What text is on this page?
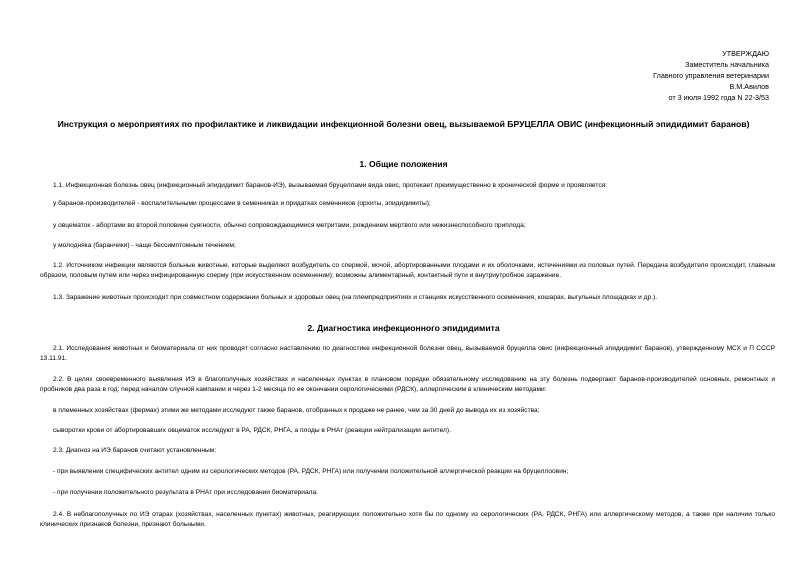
УТВЕРЖДАЮ
Заместитель начальника
Главного управления ветеринарии
В.М.Авилов
от 3 июля 1992 года N 22-3/53
Инструкция о мероприятиях по профилактике и ликвидации инфекционной болезни овец, вызываемой БРУЦЕЛЛА ОВИС (инфекционный эпидидимит баранов)
1. Общие положения
1.1. Инфекционная болезнь овец (инфекционный эпидидимит баранов-ИЭ), вызываемая бруцеллами вида овис, протекает преимущественно в хронической форме и проявляется:
у баранов-производителей - воспалительными процессами в семенниках и придатках семенников (орхиты, эпидидимиты);
у овцематок - абортами во второй половине суягности, обычно сопровождающимися метритами, рождением мертвого или нежизнеспособного приплода;
у молодняка (баранчики) - чаще бессимптомным течением;
1.2. Источником инфекции являются больные животные, которые выделяют возбудитель со спермой, мочой, абортированными плодами и их оболочками, истечениями из половых путей. Передача возбудителя происходит, главным образом, половым путем или через инфицированную сперму (при искусственном осеменении); возможны алиментарный, контактный пути и внутриутробное заражение.
1.3. Заражение животных происходит при совместном содержании больных и здоровых овец (на племпредприятиях и станциях искусственного осеменения, кошарах, выгульных площадках и др.).
2. Диагностика инфекционного эпидидимита
2.1. Исследования животных и биоматериала от них проводят согласно наставлению по диагностике инфекционной болезни овец, вызываемой бруцелла овис (инфекционный эпидидимит баранов), утвержденному МСХ и П СССР 13.11.91.
2.2. В целях своевременного выявления ИЭ в благополучных хозяйствах и населенных пунктах в плановом порядке обязательному исследованию на эту болезнь подвергают баранов-производителей основных, ремонтных и пробников два раза в год: перед началом случной кампании и через 1-2 месяца по ее окончании серологическими (РДСК), аллергическим в клиническим методами:
в племенных хозяйствах (фермах) этими же методами исследуют также баранов, отобранных к продаже не ранее, чем за 30 дней до вывода их из хозяйства;
сыворотки крови от абортировавших овцематок исследуют в РА, РДСК, РНГА, а плоды в РНАт (реакции нейтрализации антител).
2.3. Диагноз на ИЭ баранов считают установленным:
- при выявлении специфических антител одним из серологических методов (РА, РДСК, РНГА) или получении положительной аллергической реакции на бруцеллоовин;
- при получении положительного результата в РНАт при исследовании биоматериала.
2.4. В неблагополучных по ИЭ отарах (хозяйствах, населенных пунктах) животных, реагирующих положительно хотя бы по одному из серологических (РА, РДСК, РНГА) или аллергическому методов, а также при наличии только клинических признаков болезни, признают больными.
